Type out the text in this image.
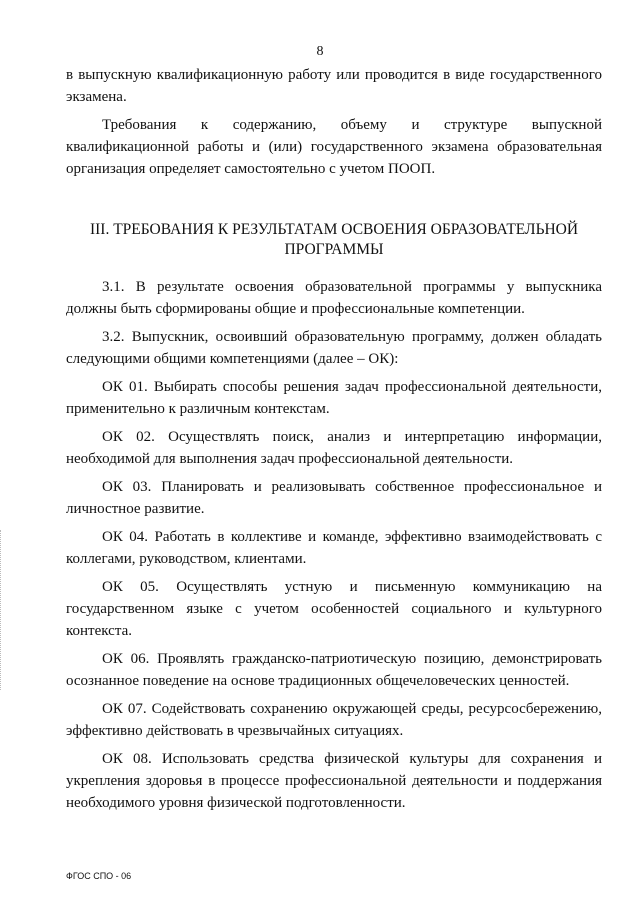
8

в выпускную квалификационную работу или проводится в виде государственного экзамена.

Требования к содержанию, объему и структуре выпускной квалификационной работы и (или) государственного экзамена образовательная организация определяет самостоятельно с учетом ПООП.

III. ТРЕБОВАНИЯ К РЕЗУЛЬТАТАМ ОСВОЕНИЯ ОБРАЗОВАТЕЛЬНОЙ ПРОГРАММЫ

3.1. В результате освоения образовательной программы у выпускника должны быть сформированы общие и профессиональные компетенции.

3.2. Выпускник, освоивший образовательную программу, должен обладать следующими общими компетенциями (далее – ОК):

ОК 01. Выбирать способы решения задач профессиональной деятельности, применительно к различным контекстам.

ОК 02. Осуществлять поиск, анализ и интерпретацию информации, необходимой для выполнения задач профессиональной деятельности.

ОК 03. Планировать и реализовывать собственное профессиональное и личностное развитие.

ОК 04. Работать в коллективе и команде, эффективно взаимодействовать с коллегами, руководством, клиентами.

ОК 05. Осуществлять устную и письменную коммуникацию на государственном языке с учетом особенностей социального и культурного контекста.

ОК 06. Проявлять гражданско-патриотическую позицию, демонстрировать осознанное поведение на основе традиционных общечеловеческих ценностей.

ОК 07. Содействовать сохранению окружающей среды, ресурсосбережению, эффективно действовать в чрезвычайных ситуациях.

ОК 08. Использовать средства физической культуры для сохранения и укрепления здоровья в процессе профессиональной деятельности и поддержания необходимого уровня физической подготовленности.

ФГОС СПО - 06
